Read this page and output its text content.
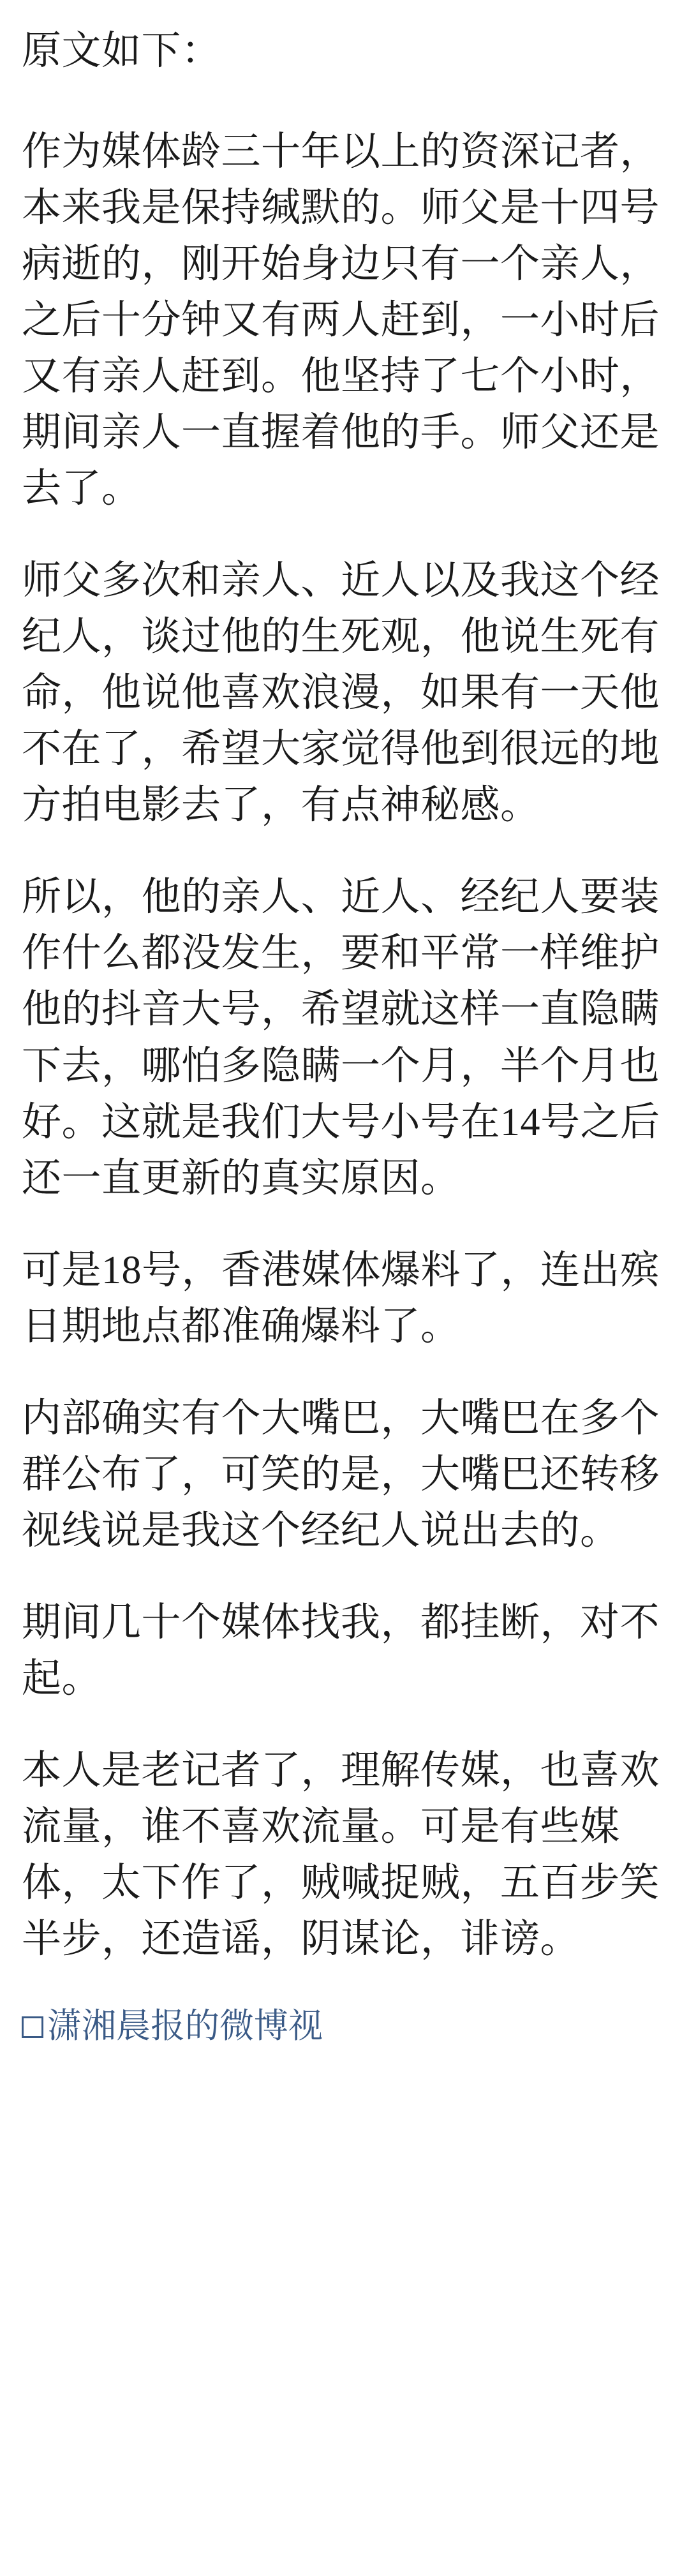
原文如下：

作为媒体龄三十年以上的资深记者，本来我是保持缄默的。师父是十四号病逝的，刚开始身边只有一个亲人，之后十分钟又有两人赶到，一小时后又有亲人赶到。他坚持了七个小时，期间亲人一直握着他的手。师父还是去了。

师父多次和亲人、近人以及我这个经纪人，谈过他的生死观，他说生死有命，他说他喜欢浪漫，如果有一天他不在了，希望大家觉得他到很远的地方拍电影去了，有点神秘感。

所以，他的亲人、近人、经纪人要装作什么都没发生，要和平常一样维护他的抖音大号，希望就这样一直隐瞒下去，哪怕多隐瞒一个月，半个月也好。这就是我们大号小号在14号之后还一直更新的真实原因。

可是18号，香港媒体爆料了，连出殡日期地点都准确爆料了。

内部确实有个大嘴巴，大嘴巴在多个群公布了，可笑的是，大嘴巴还转移视线说是我这个经纪人说出去的。

期间几十个媒体找我，都挂断，对不起。

本人是老记者了，理解传媒，也喜欢流量，谁不喜欢流量。可是有些媒体，太下作了，贼喊捉贼，五百步笑半步，还造谣，阴谋论，诽谤。

潇湘晨报的微博视
